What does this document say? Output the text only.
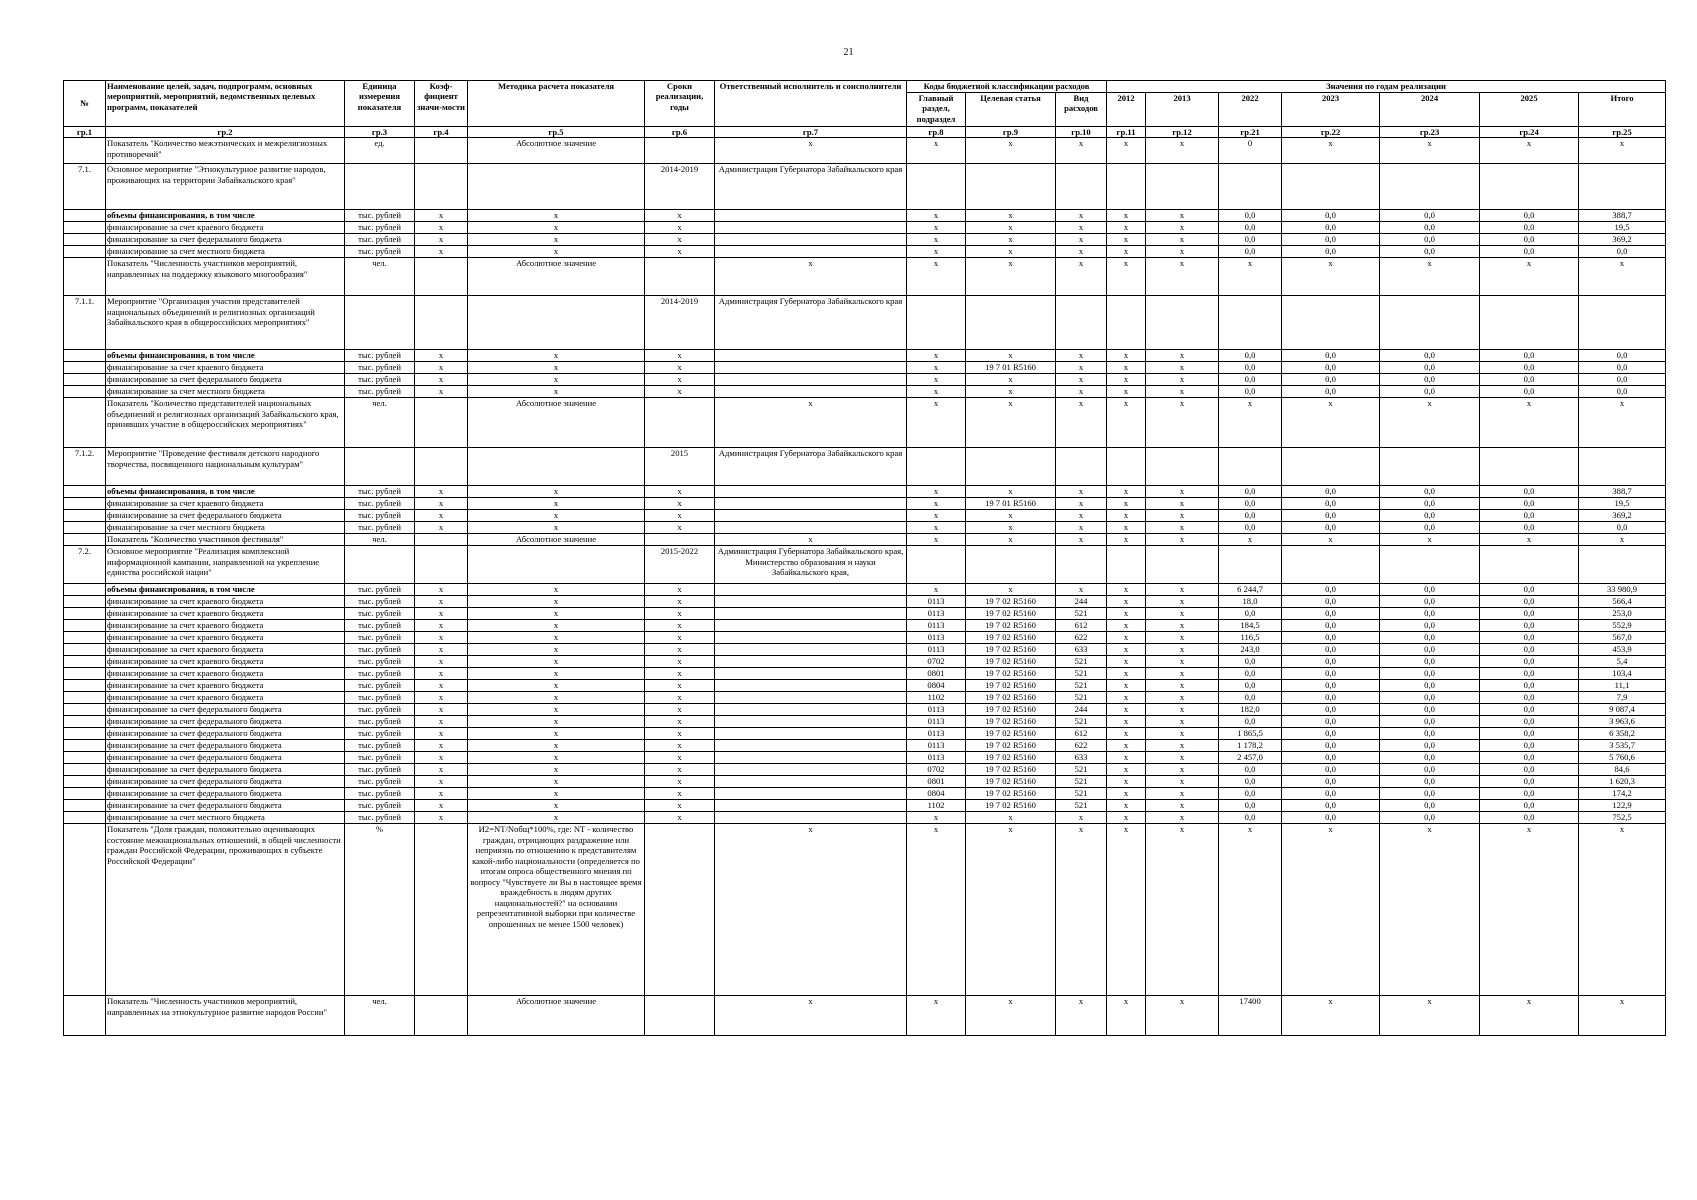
21
№	Наименование целей, задач, подпрограмм, основных мероприятий, мероприятий, ведомственных целевых программ, показателей	Единица измерения показателя	Коэф-фициент значи-мости	Методика расчета показателя	Сроки реализации, годы	Ответственный исполнитель и соисполнители	Коды бюджетной классификации расходов			Значения по годам реализации						
							Главный раздел, подраздел	Целевая статья	Вид расходов	2012	2013	2022	2023	2024	2025	Итого
гр.1	гр.2	гр.3	гр.4	гр.5	гр.6	гр.7	гр.8	гр.9	гр.10	гр.11	гр.12	гр.21	гр.22	гр.23	гр.24	гр.25
	Показатель "Количество межэтнических и межрелигиозных противоречий"	ед.		Абсолютное значение		х	х	х	х	х	х	0	х	х	х	х
7.1.	Основное мероприятие "Этнокультурное развитие народов, проживающих на территории Забайкальского края"				2014-2019	Администрация Губернатора Забайкальского края										
	объемы финансирования, в том числе	тыс. рублей	х	х	х		х	х	х	х	х	0,0	0,0	0,0	0,0	388,7
	финансирование за счет краевого бюджета	тыс. рублей	х	х	х		х	х	х	х	х	0,0	0,0	0,0	0,0	19,5
	финансирование за счет федерального бюджета	тыс. рублей	х	х	х		х	х	х	х	х	0,0	0,0	0,0	0,0	369,2
	финансирование за счет местного бюджета	тыс. рублей	х	х	х		х	х	х	х	х	0,0	0,0	0,0	0,0	0,0
	Показатель "Численность участников мероприятий, направленных на поддержку языкового многообразия"	чел.		Абсолютное значение		х	х	х	х	х	х	х	х	х	х	х
7.1.1.	Мероприятие "Организация участия представителей национальных объединений и религиозных организаций Забайкальского края в общероссийских мероприятиях"				2014-2019	Администрация Губернатора Забайкальского края										
	объемы финансирования, в том числе	тыс. рублей	х	х	х		х	х	х	х	х	0,0	0,0	0,0	0,0	0,0
	финансирование за счет краевого бюджета	тыс. рублей	х	х	х		х	19 7 01 R5160	х	х	х	0,0	0,0	0,0	0,0	0,0
	финансирование за счет федерального бюджета	тыс. рублей	х	х	х		х	х	х	х	х	0,0	0,0	0,0	0,0	0,0
	финансирование за счет местного бюджета	тыс. рублей	х	х	х		х	х	х	х	х	0,0	0,0	0,0	0,0	0,0
	Показатель "Количество представителей национальных объединений и религиозных организаций Забайкальского края, принявших участие в общероссийских мероприятиях"	чел.		Абсолютное значение		х	х	х	х	х	х	х	х	х	х	х
7.1.2.	Мероприятие "Проведение фестиваля детского народного творчества, посвященного национальным культурам"				2015	Администрация Губернатора Забайкальского края										
	объемы финансирования, в том числе	тыс. рублей	х	х	х		х	х	х	х	х	0,0	0,0	0,0	0,0	388,7
	финансирование за счет краевого бюджета	тыс. рублей	х	х	х		х	19 7 01 R5160	х	х	х	0,0	0,0	0,0	0,0	19,5
	финансирование за счет федерального бюджета	тыс. рублей	х	х	х		х	х	х	х	х	0,0	0,0	0,0	0,0	369,2
	финансирование за счет местного бюджета	тыс. рублей	х	х	х		х	х	х	х	х	0,0	0,0	0,0	0,0	0,0
	Показатель "Количество участников фестиваля"	чел.		Абсолютное значение		х	х	х	х	х	х	х	х	х	х	х
7.2.	Основное мероприятие "Реализация комплексной информационной кампании, направленной на укрепление единства российской нации"				2015-2022	Администрация Губернатора Забайкальского края, Министерство образования и науки Забайкальского края,										
	объемы финансирования, в том числе	тыс. рублей	х	х	х		х	х	х	х	х	6 244,7	0,0	0,0	0,0	33 980,9
	финансирование за счет краевого бюджета	тыс. рублей	х	х	х		0113	19 7 02 R5160	244	х	х	18,0	0,0	0,0	0,0	566,4
	финансирование за счет краевого бюджета	тыс. рублей	х	х	х		0113	19 7 02 R5160	521	х	х	0,0	0,0	0,0	0,0	253,0
	финансирование за счет краевого бюджета	тыс. рублей	х	х	х		0113	19 7 02 R5160	612	х	х	184,5	0,0	0,0	0,0	552,9
	финансирование за счет краевого бюджета	тыс. рублей	х	х	х		0113	19 7 02 R5160	622	х	х	116,5	0,0	0,0	0,0	567,0
	финансирование за счет краевого бюджета	тыс. рублей	х	х	х		0113	19 7 02 R5160	633	х	х	243,0	0,0	0,0	0,0	453,9
	финансирование за счет краевого бюджета	тыс. рублей	х	х	х		0702	19 7 02 R5160	521	х	х	0,0	0,0	0,0	0,0	5,4
	финансирование за счет краевого бюджета	тыс. рублей	х	х	х		0801	19 7 02 R5160	521	х	х	0,0	0,0	0,0	0,0	103,4
	финансирование за счет краевого бюджета	тыс. рублей	х	х	х		0804	19 7 02 R5160	521	х	х	0,0	0,0	0,0	0,0	11,1
	финансирование за счет краевого бюджета	тыс. рублей	х	х	х		1102	19 7 02 R5160	521	х	х	0,0	0,0	0,0	0,0	7,9
	финансирование за счет федерального бюджета	тыс. рублей	х	х	х		0113	19 7 02 R5160	244	х	х	182,0	0,0	0,0	0,0	9 087,4
	финансирование за счет федерального бюджета	тыс. рублей	х	х	х		0113	19 7 02 R5160	521	х	х	0,0	0,0	0,0	0,0	3 963,6
	финансирование за счет федерального бюджета	тыс. рублей	х	х	х		0113	19 7 02 R5160	612	х	х	1 865,5	0,0	0,0	0,0	6 358,2
	финансирование за счет федерального бюджета	тыс. рублей	х	х	х		0113	19 7 02 R5160	622	х	х	1 178,2	0,0	0,0	0,0	3 535,7
	финансирование за счет федерального бюджета	тыс. рублей	х	х	х		0113	19 7 02 R5160	633	х	х	2 457,0	0,0	0,0	0,0	5 760,6
	финансирование за счет федерального бюджета	тыс. рублей	х	х	х		0702	19 7 02 R5160	521	х	х	0,0	0,0	0,0	0,0	84,6
	финансирование за счет федерального бюджета	тыс. рублей	х	х	х		0801	19 7 02 R5160	521	х	х	0,0	0,0	0,0	0,0	1 620,3
	финансирование за счет федерального бюджета	тыс. рублей	х	х	х		0804	19 7 02 R5160	521	х	х	0,0	0,0	0,0	0,0	174,2
	финансирование за счет федерального бюджета	тыс. рублей	х	х	х		1102	19 7 02 R5160	521	х	х	0,0	0,0	0,0	0,0	122,9
	финансирование за счет местного бюджета	тыс. рублей	х	х	х		х	х	х	х	х	0,0	0,0	0,0	0,0	752,5
	Показатель "Доля граждан, положительно оценивающих состояние межнациональных отношений, в общей численности граждан Российской Федерации, проживающих в субъекте Российской Федерации"	%		И2=NT/Nобщ*100%, где: NT - количество граждан, отрицающих раздражение или неприязнь по отношению к представителям какой-либо национальности (определяется по итогам опроса общественного мнения по вопросу "Чувствуете ли Вы в настоящее время враждебность к людям других национальностей?" на основании репрезентативной выборки при количестве опрошенных не менее 1500 человек)		х	х	х	х	х	х	х	х	х	х	х
	Показатель "Численность участников мероприятий, направленных на этнокультурное развитие народов России"	чел.		Абсолютное значение		х	х	х	х	х	х	17400	х	х	х	х
